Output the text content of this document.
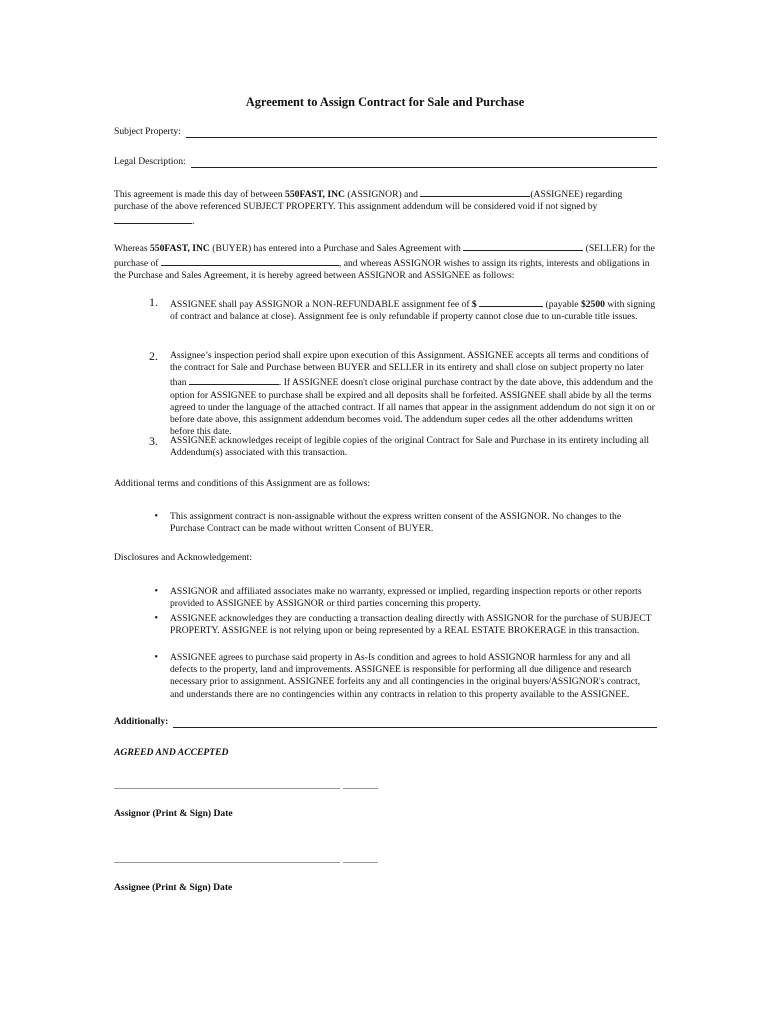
Agreement to Assign Contract for Sale and Purchase
Subject Property:
Legal Description:
This agreement is made this day of between 550FAST, INC (ASSIGNOR) and	(ASSIGNEE) regarding purchase of the above referenced SUBJECT PROPERTY. This assignment addendum will be considered void if not signed by.
Whereas 550FAST, INC (BUYER) has entered into a Purchase and Sales Agreement with	(SELLER) for the purchase of	, and whereas ASSIGNOR wishes to assign its rights, interests and obligations in the Purchase and Sales Agreement, it is hereby agreed between ASSIGNOR and ASSIGNEE as follows:
1. ASSIGNEE shall pay ASSIGNOR a NON-REFUNDABLE assignment fee of $	(payable $2500 with signing of contract and balance at close). Assignment fee is only refundable if property cannot close due to un-curable title issues.
2. Assignee’s inspection period shall expire upon execution of this Assignment. ASSIGNEE accepts all terms and conditions of the contract for Sale and Purchase between BUYER and SELLER in its entirety and shall close on subject property no later than	. If ASSIGNEE doesn't close original purchase contract by the date above, this addendum and the option for ASSIGNEE to purchase shall be expired and all deposits shall be forfeited. ASSIGNEE shall abide by all the terms agreed to under the language of the attached contract. If all names that appear in the assignment addendum do not sign it on or before date above, this assignment addendum becomes void. The addendum super cedes all the other addendums written before this date.
3. ASSIGNEE acknowledges receipt of legible copies of the original Contract for Sale and Purchase in its entirety including all Addendum(s) associated with this transaction.
Additional terms and conditions of this Assignment are as follows:
• This assignment contract is non-assignable without the express written consent of the ASSIGNOR. No changes to the Purchase Contract can be made without written Consent of BUYER.
Disclosures and Acknowledgement:
• ASSIGNOR and affiliated associates make no warranty, expressed or implied, regarding inspection reports or other reports provided to ASSIGNEE by ASSIGNOR or third parties concerning this property.
• ASSIGNEE acknowledges they are conducting a transaction dealing directly with ASSIGNOR for the purchase of SUBJECT PROPERTY. ASSIGNEE is not relying upon or being represented by a REAL ESTATE BROKERAGE in this transaction.
• ASSIGNEE agrees to purchase said property in As-Is condition and agrees to hold ASSIGNOR harmless for any and all defects to the property, land and improvements. ASSIGNEE is responsible for performing all due diligence and research necessary prior to assignment. ASSIGNEE forfeits any and all contingencies in the original buyers/ASSIGNOR's contract, and understands there are no contingencies within any contracts in relation to this property available to the ASSIGNEE.
Additionally:
AGREED AND ACCEPTED
Assignor (Print & Sign) Date
Assignee (Print & Sign) Date
